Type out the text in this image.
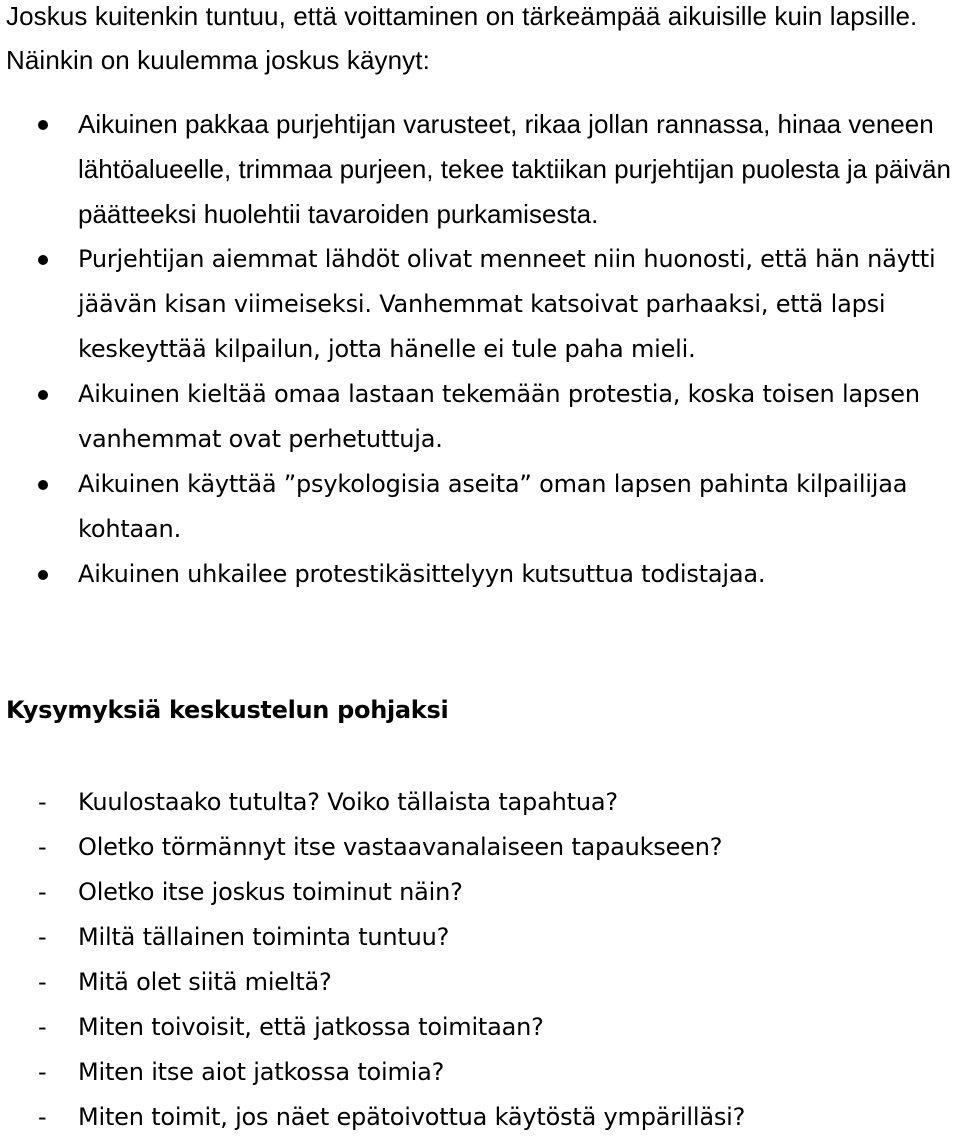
Joskus kuitenkin tuntuu, että voittaminen on tärkeämpää aikuisille kuin lapsille. Näinkin on kuulemma joskus käynyt:

Aikuinen pakkaa purjehtijan varusteet, rikaa jollan rannassa, hinaa veneen lähtöalueelle, trimmaa purjeen, tekee taktiikan purjehtijan puolesta ja päivän päätteeksi huolehtii tavaroiden purkamisesta.
Purjehtijan aiemmat lähdöt olivat menneet niin huonosti, että hän näytti jäävän kisan viimeiseksi. Vanhemmat katsoivat parhaaksi, että lapsi keskeyttää kilpailun, jotta hänelle ei tule paha mieli.
Aikuinen kieltää omaa lastaan tekemään protestia, koska toisen lapsen vanhemmat ovat perhetuttuja.
Aikuinen käyttää ”psykologisia aseita” oman lapsen pahinta kilpailijaa kohtaan.
Aikuinen uhkailee protestikäsittelyyn kutsuttua todistajaa.
Kysymyksiä keskustelun pohjaksi
- Kuulostaako tutulta? Voiko tällaista tapahtua?
- Oletko törmännyt itse vastaavanalaiseen tapaukseen?
- Oletko itse joskus toiminut näin?
- Miltä tällainen toiminta tuntuu?
- Mitä olet siitä mieltä?
- Miten toivoisit, että jatkossa toimitaan?
- Miten itse aiot jatkossa toimia?
- Miten toimit, jos näet epätoivottua käytöstä ympärilläsi?
